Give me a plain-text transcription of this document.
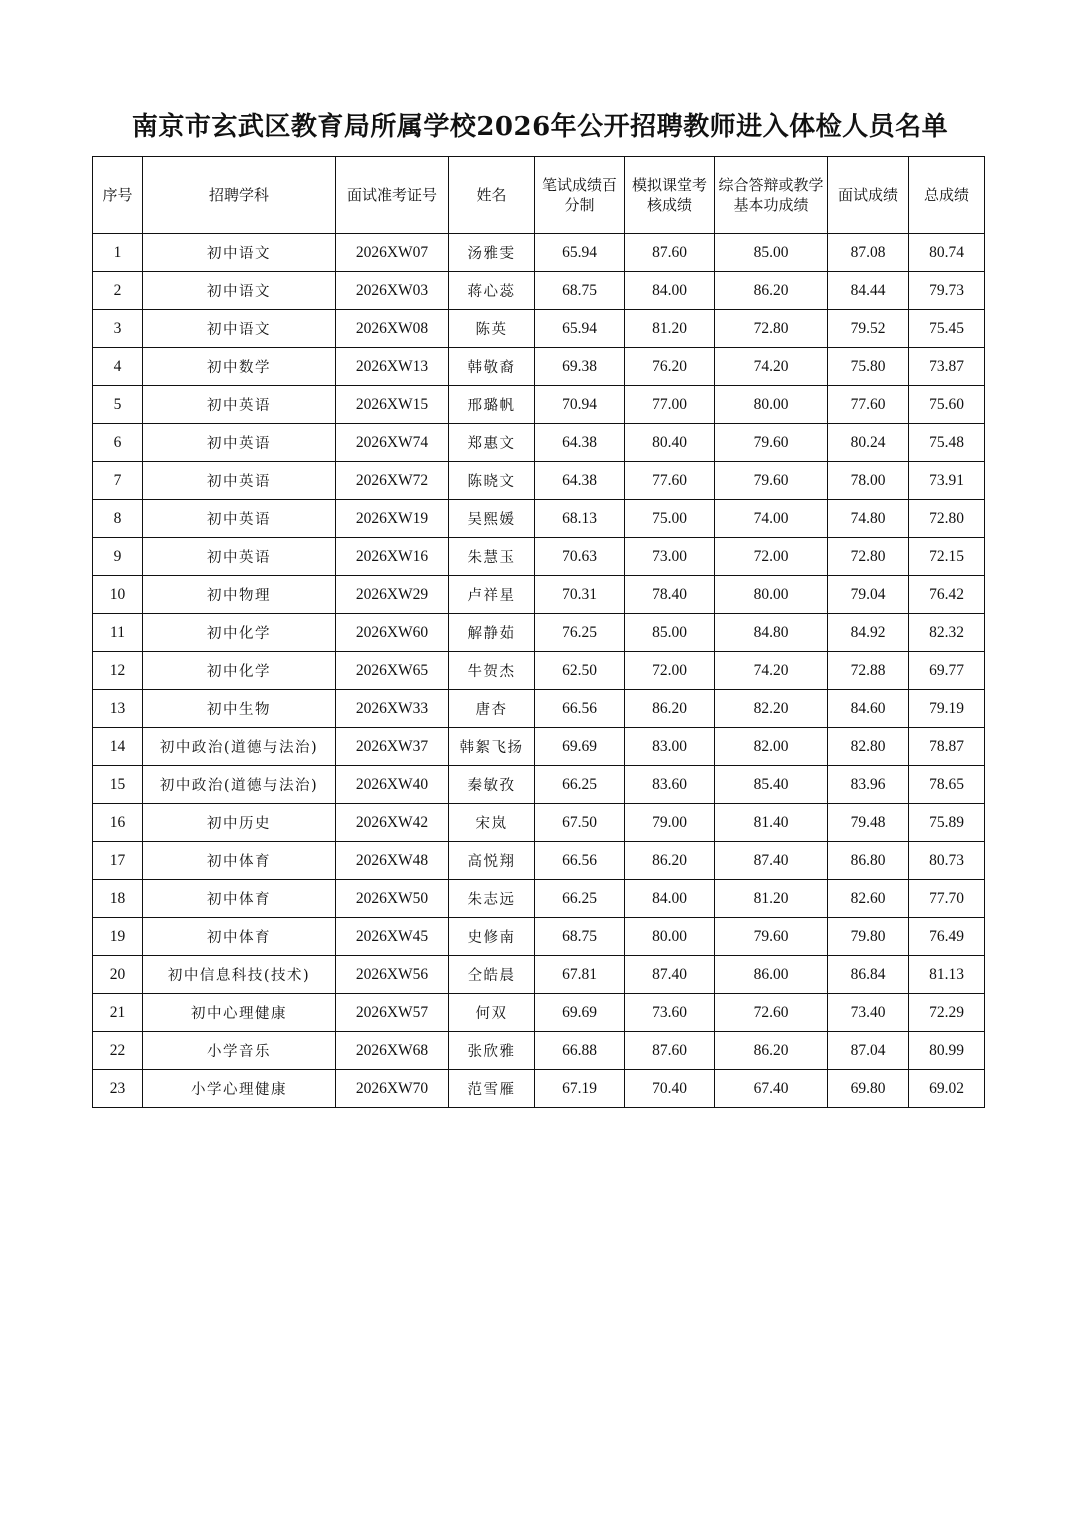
南京市玄武区教育局所属学校2026年公开招聘教师进入体检人员名单
序号	招聘学科	面试准考证号	姓名	笔试成绩百分制	模拟课堂考核成绩	综合答辩或教学基本功成绩	面试成绩	总成绩
1	初中语文	2026XW07	汤雅雯	65.94	87.60	85.00	87.08	80.74
2	初中语文	2026XW03	蒋心蕊	68.75	84.00	86.20	84.44	79.73
3	初中语文	2026XW08	陈英	65.94	81.20	72.80	79.52	75.45
4	初中数学	2026XW13	韩敬裔	69.38	76.20	74.20	75.80	73.87
5	初中英语	2026XW15	邢璐帆	70.94	77.00	80.00	77.60	75.60
6	初中英语	2026XW74	郑惠文	64.38	80.40	79.60	80.24	75.48
7	初中英语	2026XW72	陈晓文	64.38	77.60	79.60	78.00	73.91
8	初中英语	2026XW19	吴熙媛	68.13	75.00	74.00	74.80	72.80
9	初中英语	2026XW16	朱慧玉	70.63	73.00	72.00	72.80	72.15
10	初中物理	2026XW29	卢祥星	70.31	78.40	80.00	79.04	76.42
11	初中化学	2026XW60	解静茹	76.25	85.00	84.80	84.92	82.32
12	初中化学	2026XW65	牛贺杰	62.50	72.00	74.20	72.88	69.77
13	初中生物	2026XW33	唐杏	66.56	86.20	82.20	84.60	79.19
14	初中政治(道德与法治)	2026XW37	韩絮飞扬	69.69	83.00	82.00	82.80	78.87
15	初中政治(道德与法治)	2026XW40	秦敏孜	66.25	83.60	85.40	83.96	78.65
16	初中历史	2026XW42	宋岚	67.50	79.00	81.40	79.48	75.89
17	初中体育	2026XW48	高悦翔	66.56	86.20	87.40	86.80	80.73
18	初中体育	2026XW50	朱志远	66.25	84.00	81.20	82.60	77.70
19	初中体育	2026XW45	史修南	68.75	80.00	79.60	79.80	76.49
20	初中信息科技(技术)	2026XW56	仝皓晨	67.81	87.40	86.00	86.84	81.13
21	初中心理健康	2026XW57	何双	69.69	73.60	72.60	73.40	72.29
22	小学音乐	2026XW68	张欣雅	66.88	87.60	86.20	87.04	80.99
23	小学心理健康	2026XW70	范雪雁	67.19	70.40	67.40	69.80	69.02
